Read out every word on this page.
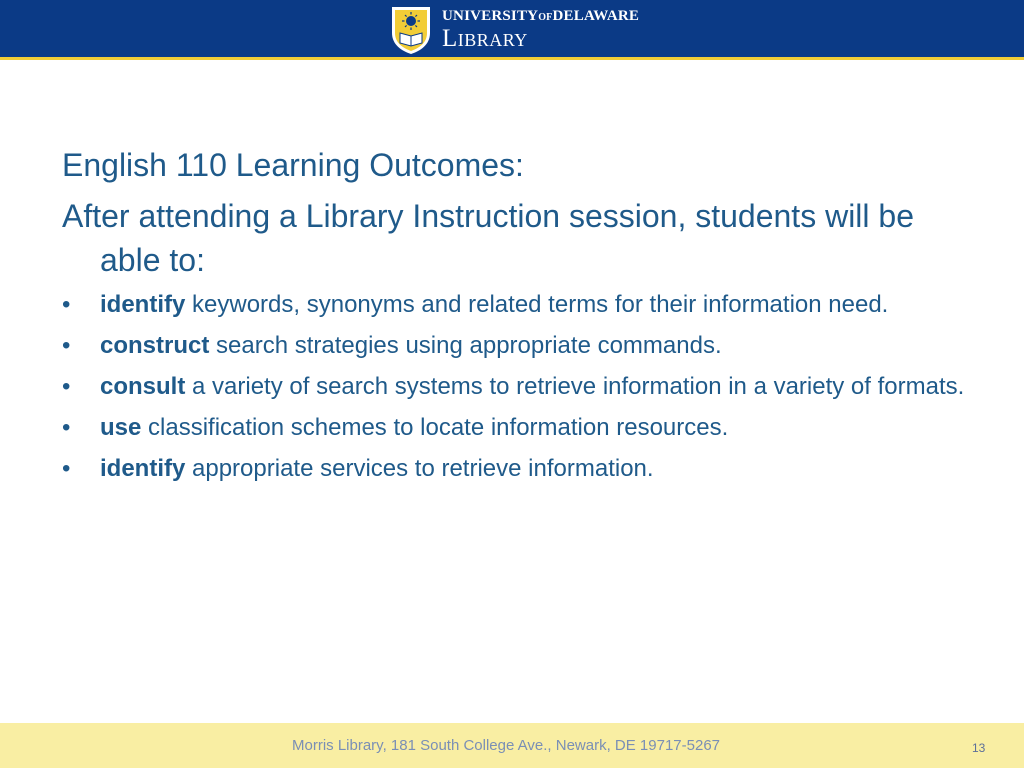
UNIVERSITYOFDELAWARE
Library
English 110 Learning Outcomes:

After attending a Library Instruction session, students will be able to:

•	identify keywords, synonyms and related terms for their information need.
•	construct search strategies using appropriate commands.
•	consult a variety of search systems to retrieve information in a variety of formats.
•	use classification schemes to locate information resources.
•	identify appropriate services to retrieve information.
Morris Library, 181 South College Ave., Newark, DE 19717-5267	13
